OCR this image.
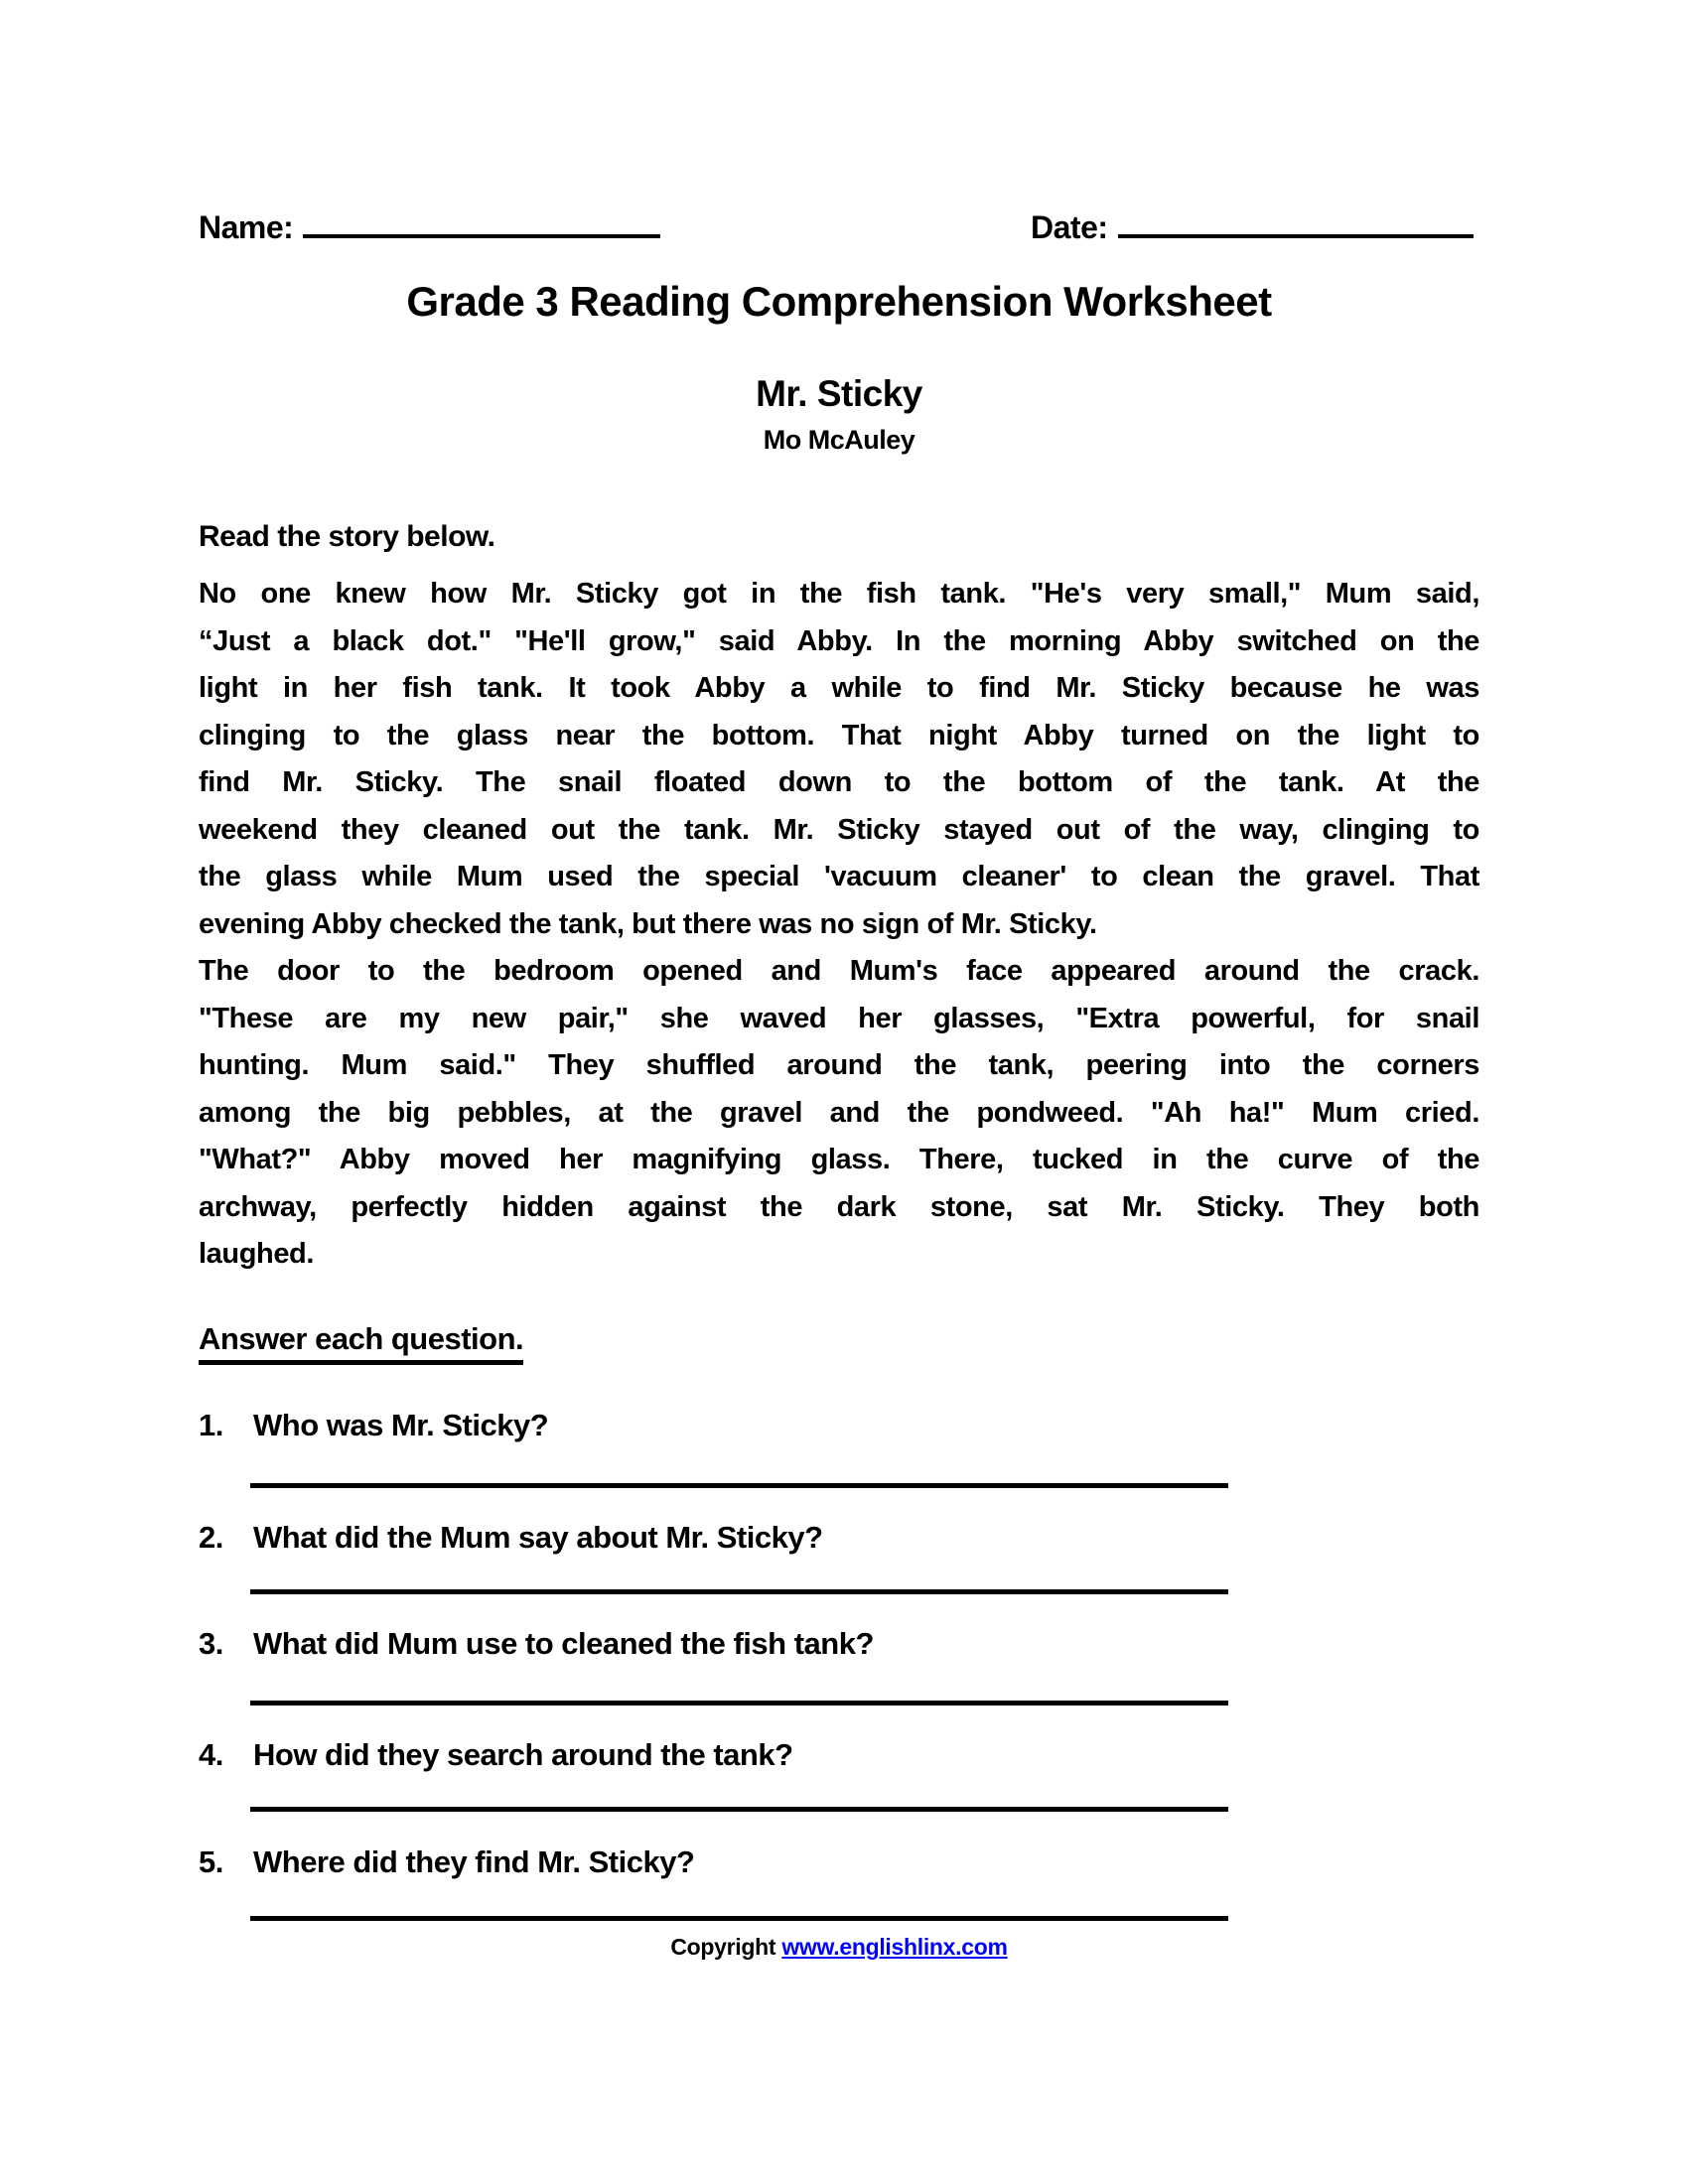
Name:	Date:
Grade 3 Reading Comprehension Worksheet
Mr. Sticky
Mo McAuley
Read the story below.
No one knew how Mr. Sticky got in the fish tank. "He's very small," Mum said,
“Just a black dot." "He'll grow," said Abby. In the morning Abby switched on the
light in her fish tank. It took Abby a while to find Mr. Sticky because he was
clinging to the glass near the bottom. That night Abby turned on the light to
find Mr. Sticky. The snail floated down to the bottom of the tank. At the
weekend they cleaned out the tank. Mr. Sticky stayed out of the way, clinging to
the glass while Mum used the special 'vacuum cleaner' to clean the gravel. That
evening Abby checked the tank, but there was no sign of Mr. Sticky.
The door to the bedroom opened and Mum's face appeared around the crack.
"These are my new pair," she waved her glasses, "Extra powerful, for snail
hunting. Mum said." They shuffled around the tank, peering into the corners
among the big pebbles, at the gravel and the pondweed. "Ah ha!" Mum cried.
"What?" Abby moved her magnifying glass. There, tucked in the curve of the
archway, perfectly hidden against the dark stone, sat Mr. Sticky. They both
laughed.
Answer each question.
1. Who was Mr. Sticky?
2. What did the Mum say about Mr. Sticky?
3. What did Mum use to cleaned the fish tank?
4. How did they search around the tank?
5. Where did they find Mr. Sticky?
Copyright www.englishlinx.com
